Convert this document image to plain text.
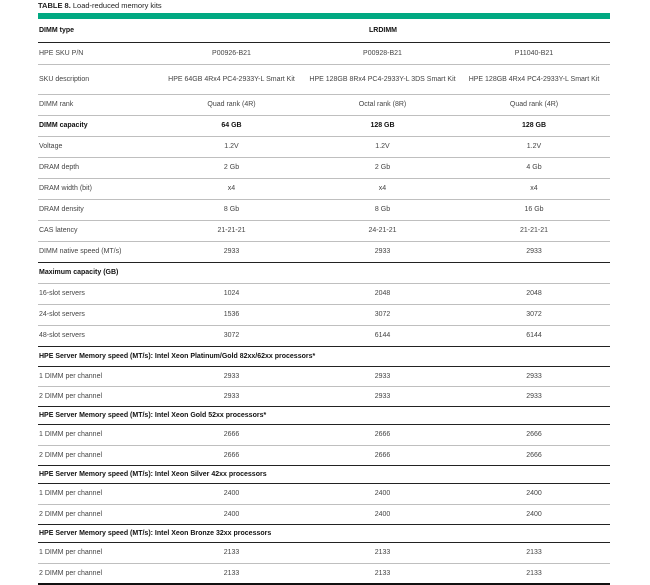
TABLE 8. Load-reduced memory kits
DIMM type	LRDIMM		
HPE SKU P/N	P00926-B21	P00928-B21	P11040-B21
SKU description	HPE 64GB 4Rx4 PC4-2933Y-L Smart Kit	HPE 128GB 8Rx4 PC4-2933Y-L 3DS Smart Kit	HPE 128GB 4Rx4 PC4-2933Y-L Smart Kit
DIMM rank	Quad rank (4R)	Octal rank (8R)	Quad rank (4R)
DIMM capacity	64 GB	128 GB	128 GB
Voltage	1.2V	1.2V	1.2V
DRAM depth	2 Gb	2 Gb	4 Gb
DRAM width (bit)	x4	x4	x4
DRAM density	8 Gb	8 Gb	16 Gb
CAS latency	21-21-21	24-21-21	21-21-21
DIMM native speed (MT/s)	2933	2933	2933
Maximum capacity (GB)			
16-slot servers	1024	2048	2048
24-slot servers	1536	3072	3072
48-slot servers	3072	6144	6144
HPE Server Memory speed (MT/s): Intel Xeon Platinum/Gold 82xx/62xx processors*			
1 DIMM per channel	2933	2933	2933
2 DIMM per channel	2933	2933	2933
HPE Server Memory speed (MT/s): Intel Xeon Gold 52xx processors*			
1 DIMM per channel	2666	2666	2666
2 DIMM per channel	2666	2666	2666
HPE Server Memory speed (MT/s): Intel Xeon Silver 42xx processors			
1 DIMM per channel	2400	2400	2400
2 DIMM per channel	2400	2400	2400
HPE Server Memory speed (MT/s): Intel Xeon Bronze 32xx processors			
1 DIMM per channel	2133	2133	2133
2 DIMM per channel	2133	2133	2133
